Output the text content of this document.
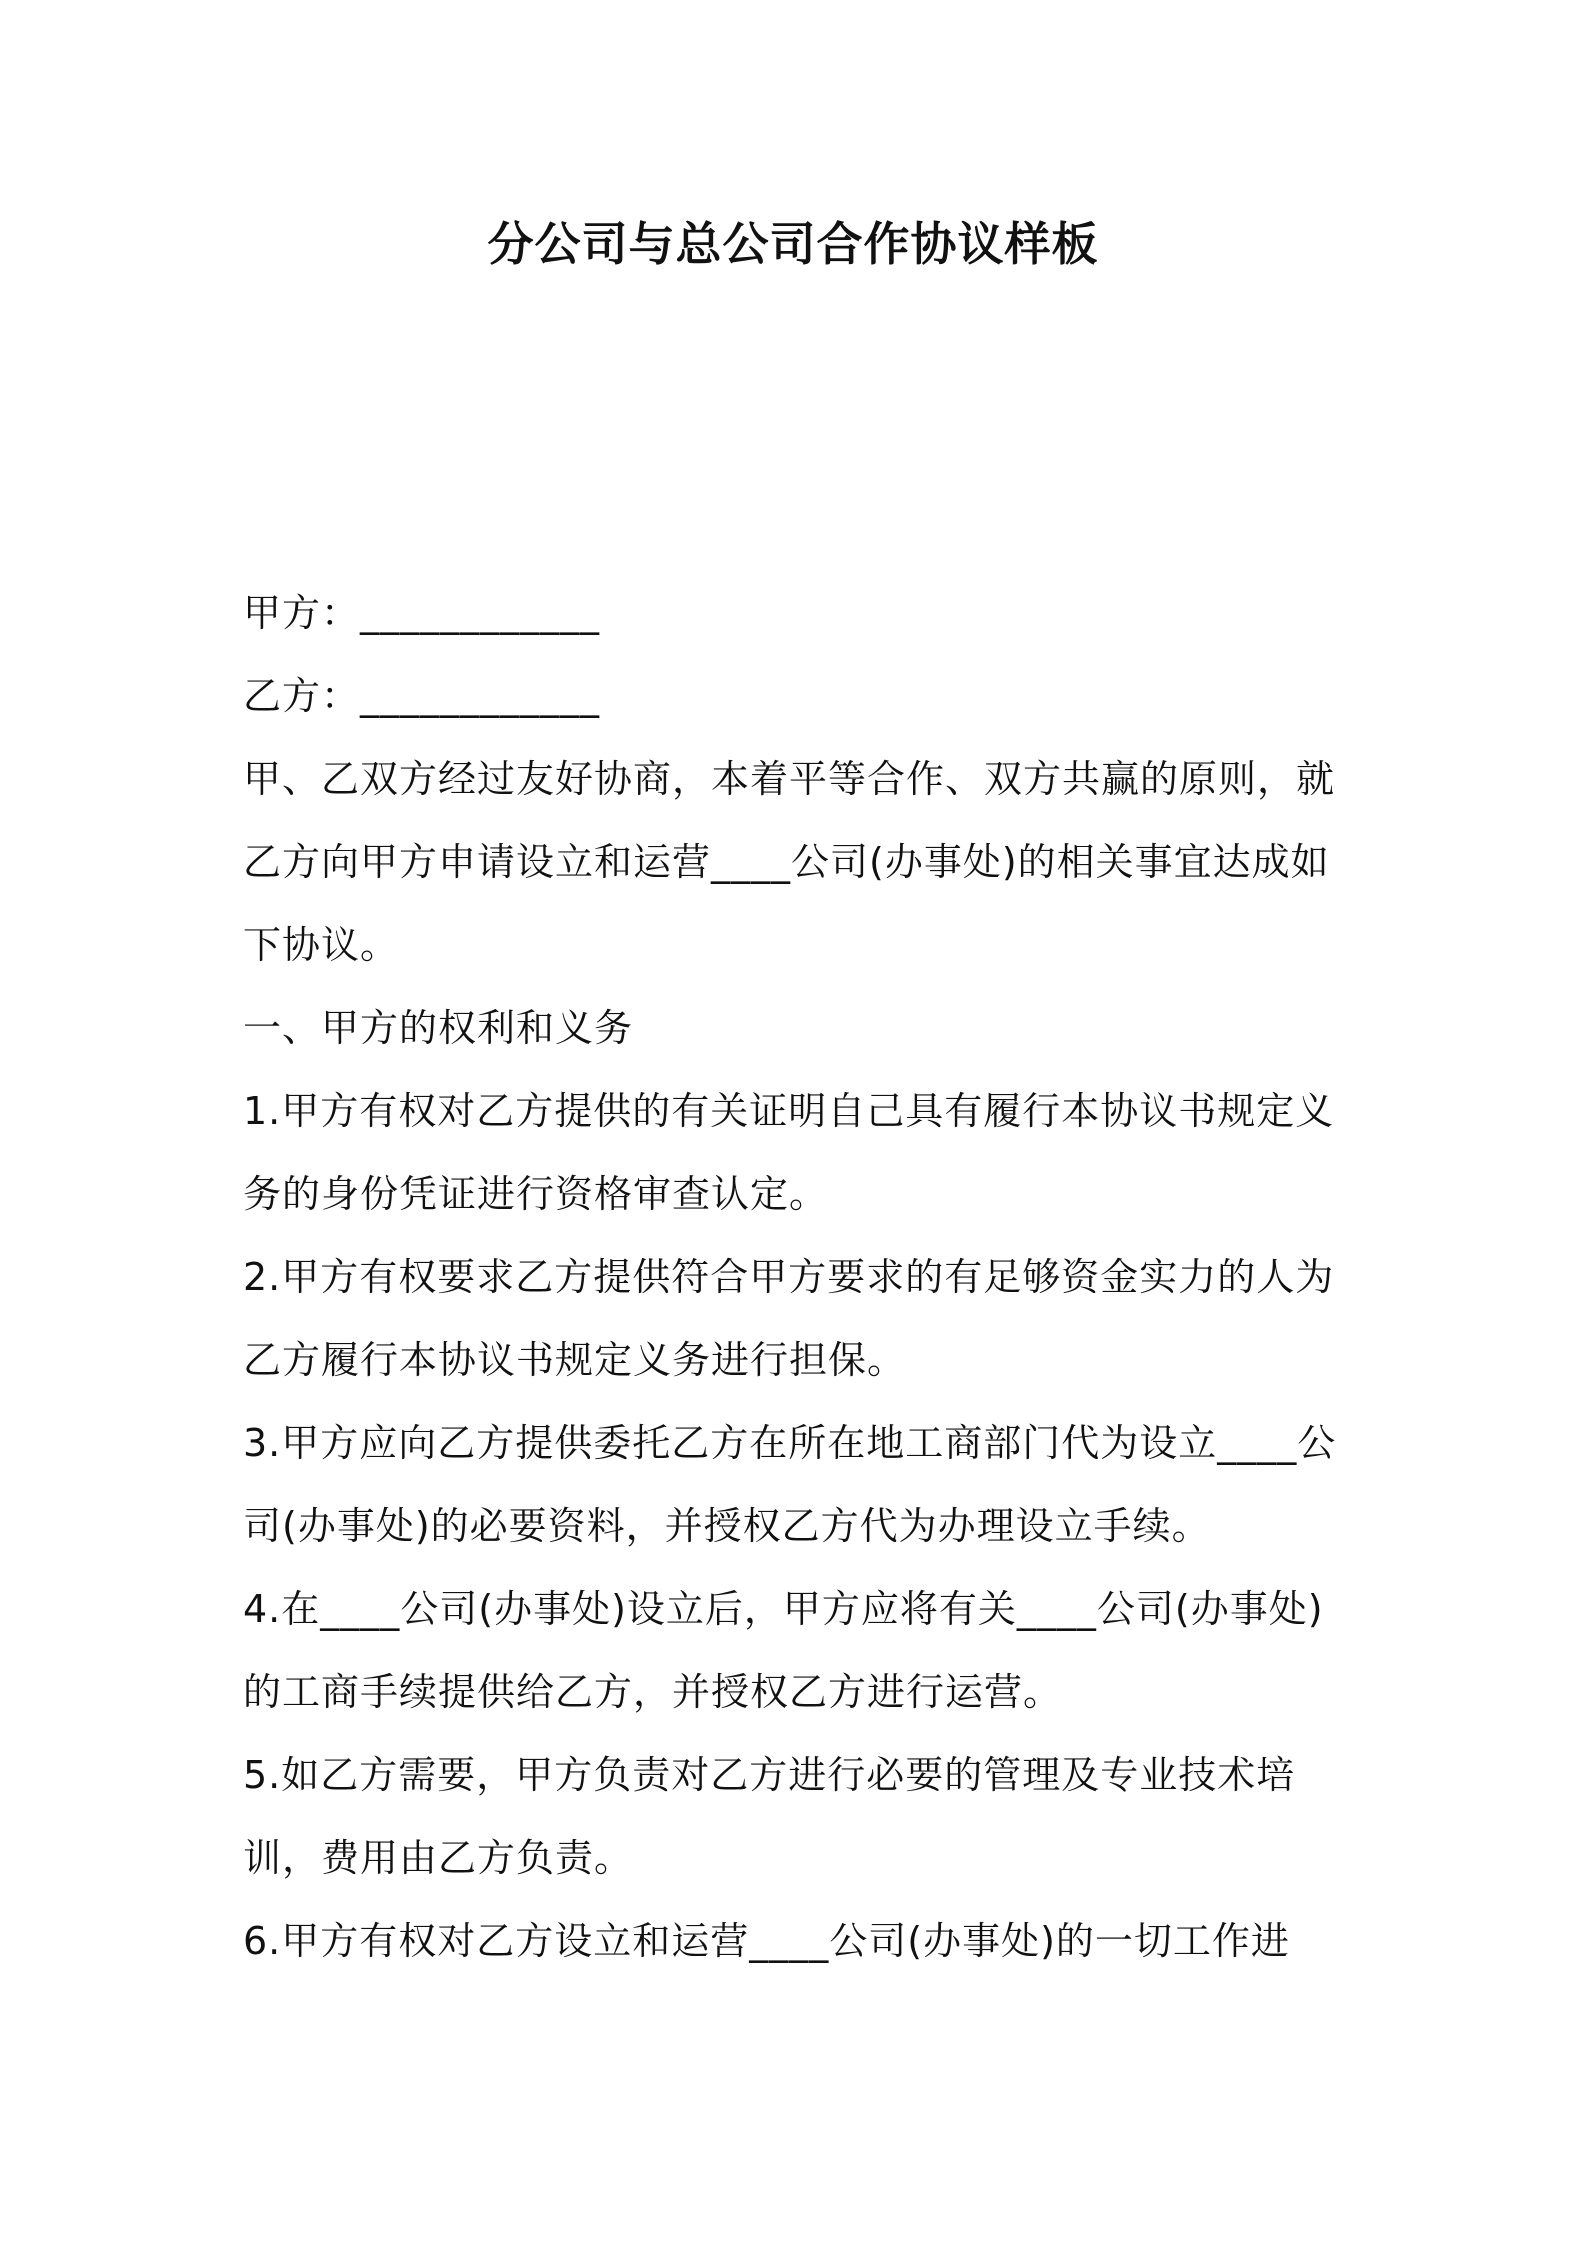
分公司与总公司合作协议样板

甲方：____________

乙方：____________

甲、乙双方经过友好协商，本着平等合作、双方共赢的原则，就乙方向甲方申请设立和运营____公司(办事处)的相关事宜达成如下协议。

一、甲方的权利和义务

1.甲方有权对乙方提供的有关证明自己具有履行本协议书规定义务的身份凭证进行资格审查认定。

2.甲方有权要求乙方提供符合甲方要求的有足够资金实力的人为乙方履行本协议书规定义务进行担保。

3.甲方应向乙方提供委托乙方在所在地工商部门代为设立____公司(办事处)的必要资料，并授权乙方代为办理设立手续。

4.在____公司(办事处)设立后，甲方应将有关____公司(办事处)的工商手续提供给乙方，并授权乙方进行运营。

5.如乙方需要，甲方负责对乙方进行必要的管理及专业技术培训，费用由乙方负责。

6.甲方有权对乙方设立和运营____公司(办事处)的一切工作进
